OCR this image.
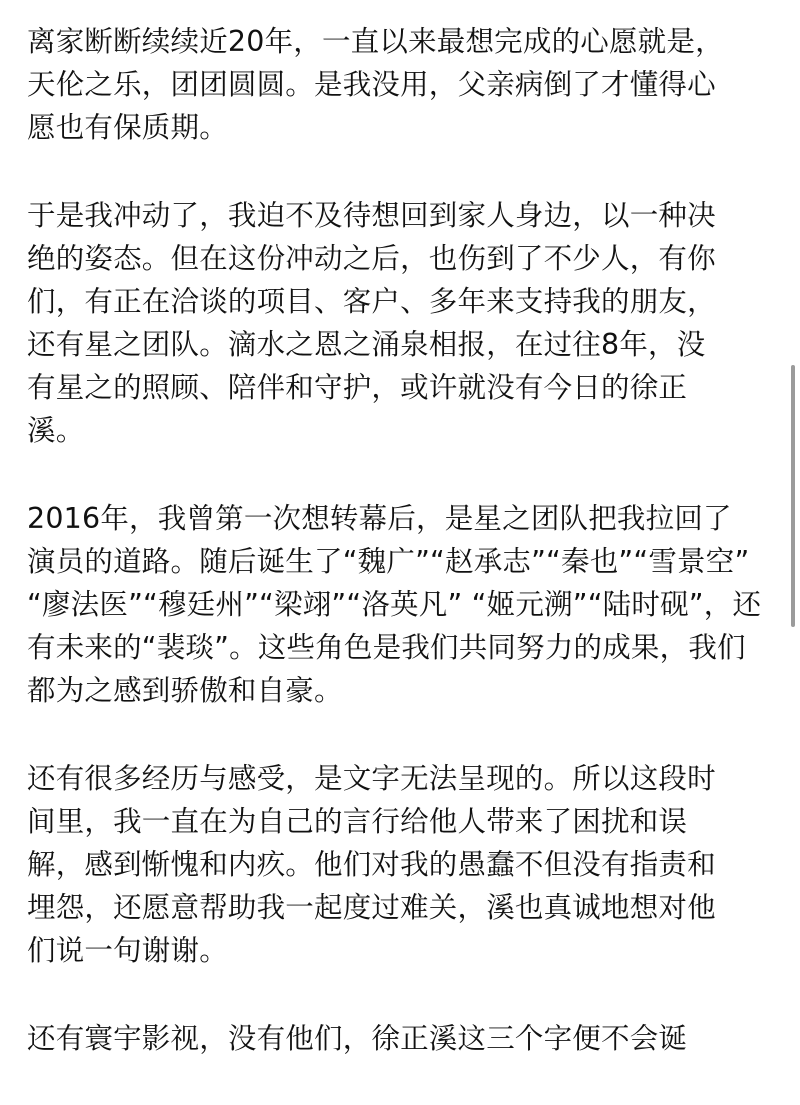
离家断断续续近20年，一直以来最想完成的心愿就是，
天伦之乐，团团圆圆。是我没用，父亲病倒了才懂得心
愿也有保质期。

于是我冲动了，我迫不及待想回到家人身边，以一种决
绝的姿态。但在这份冲动之后，也伤到了不少人，有你
们，有正在洽谈的项目、客户、多年来支持我的朋友，
还有星之团队。滴水之恩之涌泉相报，在过往8年，没
有星之的照顾、陪伴和守护，或许就没有今日的徐正
溪。

2016年，我曾第一次想转幕后，是星之团队把我拉回了
演员的道路。随后诞生了“魏广”“赵承志”“秦也”“雪景空”
“廖法医”“穆廷州”“梁翊”“洛英凡” “姬元溯”“陆时砚”，还
有未来的“裴琰”。这些角色是我们共同努力的成果，我们
都为之感到骄傲和自豪。

还有很多经历与感受，是文字无法呈现的。所以这段时
间里，我一直在为自己的言行给他人带来了困扰和误
解，感到惭愧和内疚。他们对我的愚蠢不但没有指责和
埋怨，还愿意帮助我一起度过难关，溪也真诚地想对他
们说一句谢谢。

还有寰宇影视，没有他们，徐正溪这三个字便不会诞
